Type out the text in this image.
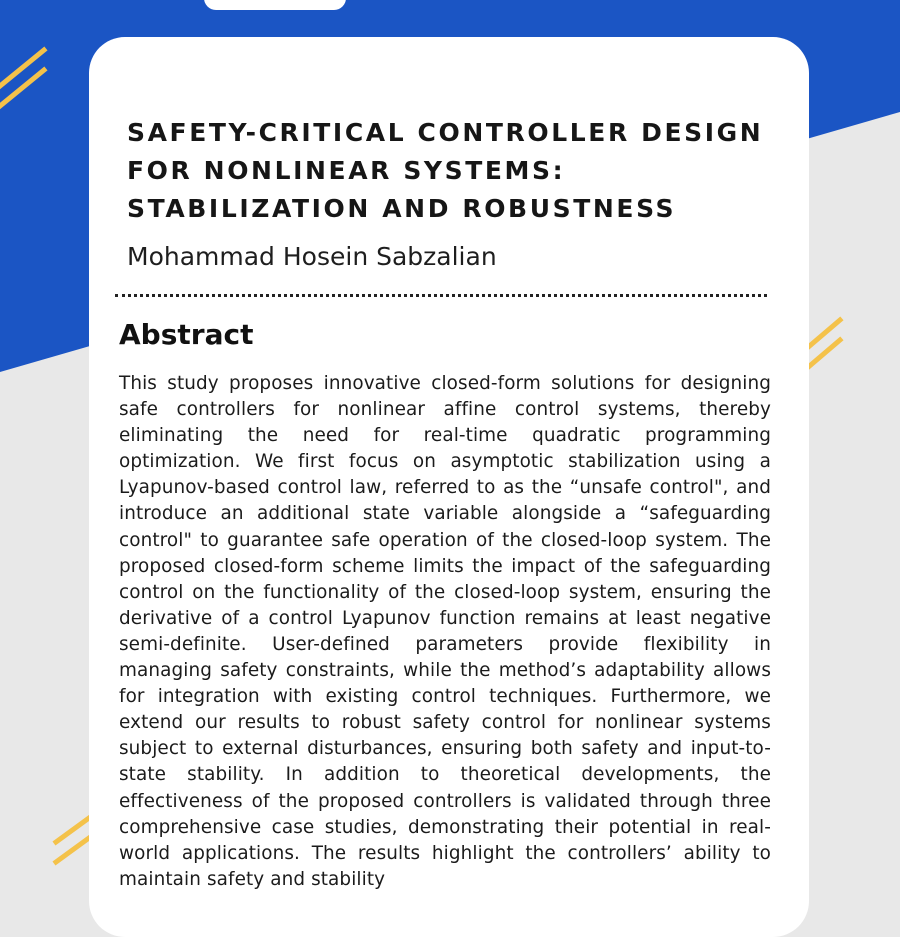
SAFETY-CRITICAL CONTROLLER DESIGN
FOR NONLINEAR SYSTEMS:
STABILIZATION AND ROBUSTNESS

Mohammad Hosein Sabzalian

Abstract

This study proposes innovative closed-form solutions for designing safe controllers for nonlinear affine control systems, thereby eliminating the need for real-time quadratic programming optimization. We first focus on asymptotic stabilization using a Lyapunov-based control law, referred to as the “unsafe control", and introduce an additional state variable alongside a “safeguarding control" to guarantee safe operation of the closed-loop system. The proposed closed-form scheme limits the impact of the safeguarding control on the functionality of the closed-loop system, ensuring the derivative of a control Lyapunov function remains at least negative semi-definite. User-defined parameters provide flexibility in managing safety constraints, while the method’s adaptability allows for integration with existing control techniques. Furthermore, we extend our results to robust safety control for nonlinear systems subject to external disturbances, ensuring both safety and input-to-state stability. In addition to theoretical developments, the effectiveness of the proposed controllers is validated through three comprehensive case studies, demonstrating their potential in real-world applications. The results highlight the controllers’ ability to maintain safety and stability
